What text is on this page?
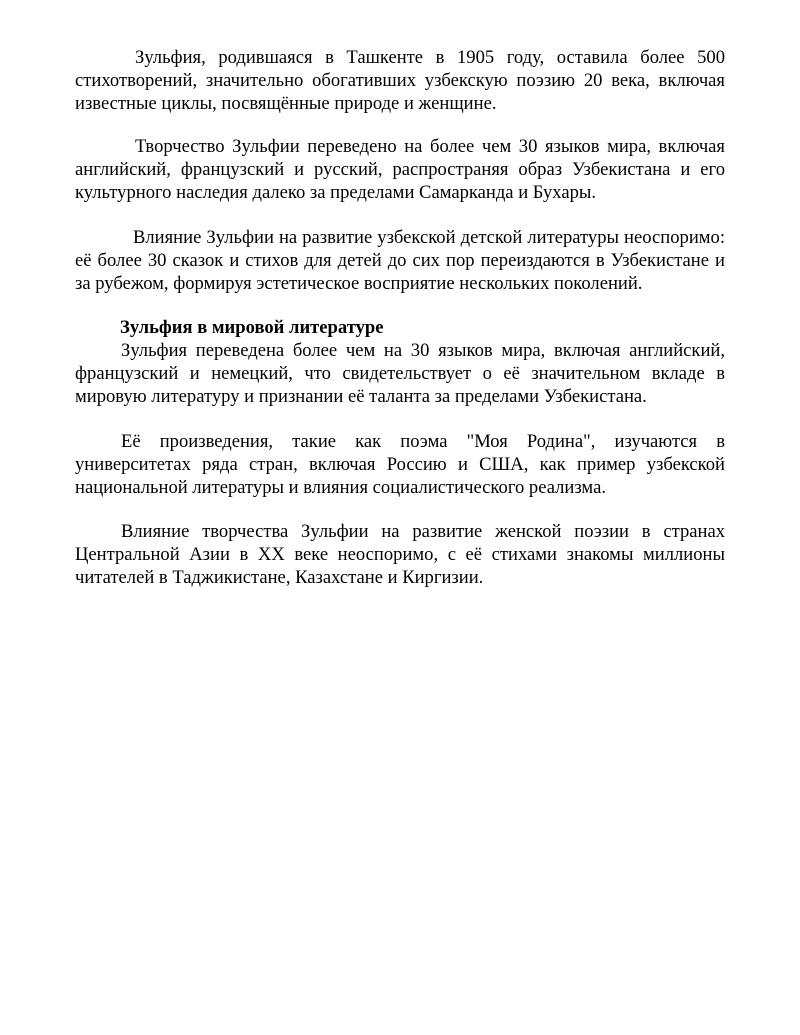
Зульфия, родившаяся в Ташкенте в 1905 году, оставила более 500 стихотворений, значительно обогативших узбекскую поэзию 20 века, включая известные циклы, посвящённые природе и женщине.

Творчество Зульфии переведено на более чем 30 языков мира, включая английский, французский и русский, распространяя образ Узбекистана и его культурного наследия далеко за пределами Самарканда и Бухары.

Влияние Зульфии на развитие узбекской детской литературы неоспоримо: её более 30 сказок и стихов для детей до сих пор переиздаются в Узбекистане и за рубежом, формируя эстетическое восприятие нескольких поколений.

Зульфия в мировой литературе

Зульфия переведена более чем на 30 языков мира, включая английский, французский и немецкий, что свидетельствует о её значительном вкладе в мировую литературу и признании её таланта за пределами Узбекистана.

Её произведения, такие как поэма "Моя Родина", изучаются в университетах ряда стран, включая Россию и США, как пример узбекской национальной литературы и влияния социалистического реализма.

Влияние творчества Зульфии на развитие женской поэзии в странах Центральной Азии в XX веке неоспоримо, с её стихами знакомы миллионы читателей в Таджикистане, Казахстане и Киргизии.
